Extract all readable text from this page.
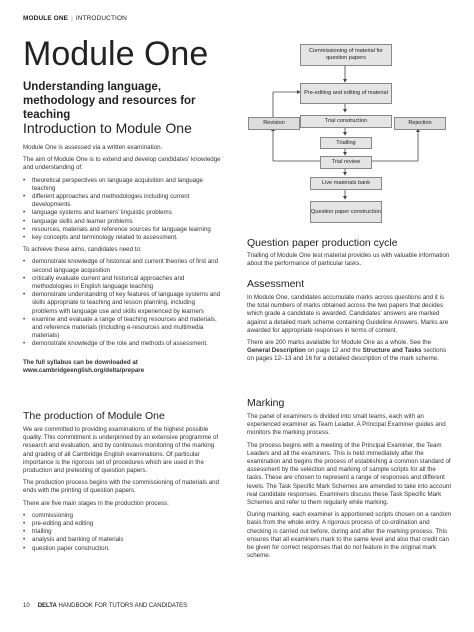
MODULE ONE | INTRODUCTION
Module One
Understanding language, methodology and resources for teaching
Introduction to Module One
Module One is assessed via a written examination.
The aim of Module One is to extend and develop candidates' knowledge and understanding of:
• theoretical perspectives on language acquisition and language teaching
• different approaches and methodologies including current developments
• language systems and learners' linguistic problems
• language skills and learner problems
• resources, materials and reference sources for language learning
• key concepts and terminology related to assessment.
To achieve these aims, candidates need to:
• demonstrate knowledge of historical and current theories of first and second language acquisition
• critically evaluate current and historical approaches and methodologies in English language teaching
• demonstrate understanding of key features of language systems and skills appropriate to teaching and lesson planning, including problems with language use and skills experienced by learners
• examine and evaluate a range of teaching resources and materials, and reference materials (including e-resources and multimedia materials)
• demonstrate knowledge of the role and methods of assessment.
The full syllabus can be downloaded at
www.cambridgeenglish.org/delta/prepare
The production of Module One
We are committed to providing examinations of the highest possible quality. This commitment is underpinned by an extensive programme of research and evaluation, and by continuous monitoring of the marking and grading of all Cambridge English examinations. Of particular importance is the rigorous set of procedures which are used in the production and pretesting of question papers.
The production process begins with the commissioning of materials and ends with the printing of question papers.
There are five main stages in the production process:
• commissioning
• pre-editing and editing
• trialling
• analysis and banking of materials
• question paper construction.
Commissioning of material for question papers
Pre-editing and editing of material
Trial construction
Trialling
Trial review
Live materials bank
Question paper construction
Revision	Rejection
Question paper production cycle
Trialling of Module One test material provides us with valuable information about the performance of particular tasks.
Assessment
In Module One, candidates accumulate marks across questions and it is the total numbers of marks obtained across the two papers that decides which grade a candidate is awarded. Candidates' answers are marked against a detailed mark scheme containing Guideline Answers. Marks are awarded for appropriate responses in terms of content.
There are 200 marks available for Module One as a whole. See the General Description on page 12 and the Structure and Tasks sections on pages 12–13 and 16 for a detailed description of the mark scheme.
Marking
The panel of examiners is divided into small teams, each with an experienced examiner as Team Leader. A Principal Examiner guides and monitors the marking process.
The process begins with a meeting of the Principal Examiner, the Team Leaders and all the examiners. This is held immediately after the examination and begins the process of establishing a common standard of assessment by the selection and marking of sample scripts for all the tasks. These are chosen to represent a range of responses and different levels. The Task Specific Mark Schemes are amended to take into account real candidate responses. Examiners discuss these Task Specific Mark Schemes and refer to them regularly while marking.
During marking, each examiner is apportioned scripts chosen on a random basis from the whole entry. A rigorous process of co-ordination and checking is carried out before, during and after the marking process. This ensures that all examiners mark to the same level and also that credit can be given for correct responses that do not feature in the original mark scheme.
10 DELTA HANDBOOK FOR TUTORS AND CANDIDATES
